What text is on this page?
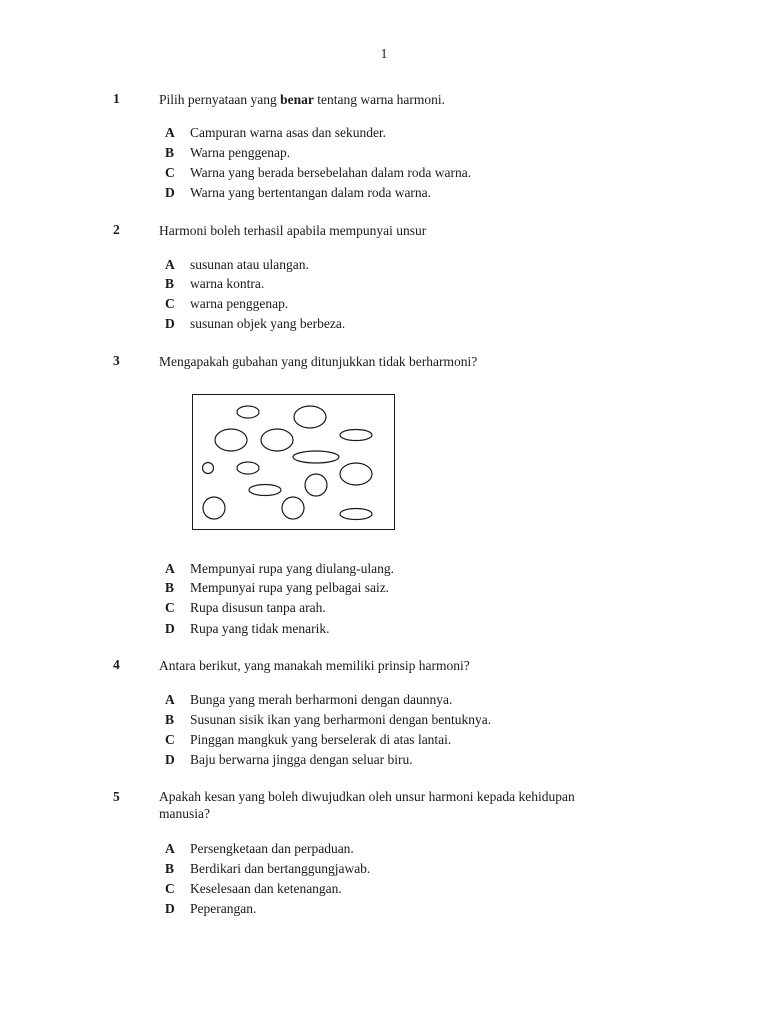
1
1	Pilih pernyataan yang benar tentang warna harmoni.
A Campuran warna asas dan sekunder.
B Warna penggenap.
C Warna yang berada bersebelahan dalam roda warna.
D Warna yang bertentangan dalam roda warna.
2	Harmoni boleh terhasil apabila mempunyai unsur
A susunan atau ulangan.
B warna kontra.
C warna penggenap.
D susunan objek yang berbeza.
3	Mengapakah gubahan yang ditunjukkan tidak berharmoni?
A Mempunyai rupa yang diulang-ulang.
B Mempunyai rupa yang pelbagai saiz.
C Rupa disusun tanpa arah.
D Rupa yang tidak menarik.
4	Antara berikut, yang manakah memiliki prinsip harmoni?
A Bunga yang merah berharmoni dengan daunnya.
B Susunan sisik ikan yang berharmoni dengan bentuknya.
C Pinggan mangkuk yang berselerak di atas lantai.
D Baju berwarna jingga dengan seluar biru.
5	Apakah kesan yang boleh diwujudkan oleh unsur harmoni kepada kehidupan
manusia?
A Persengketaan dan perpaduan.
B Berdikari dan bertanggungjawab.
C Keselesaan dan ketenangan.
D Peperangan.
